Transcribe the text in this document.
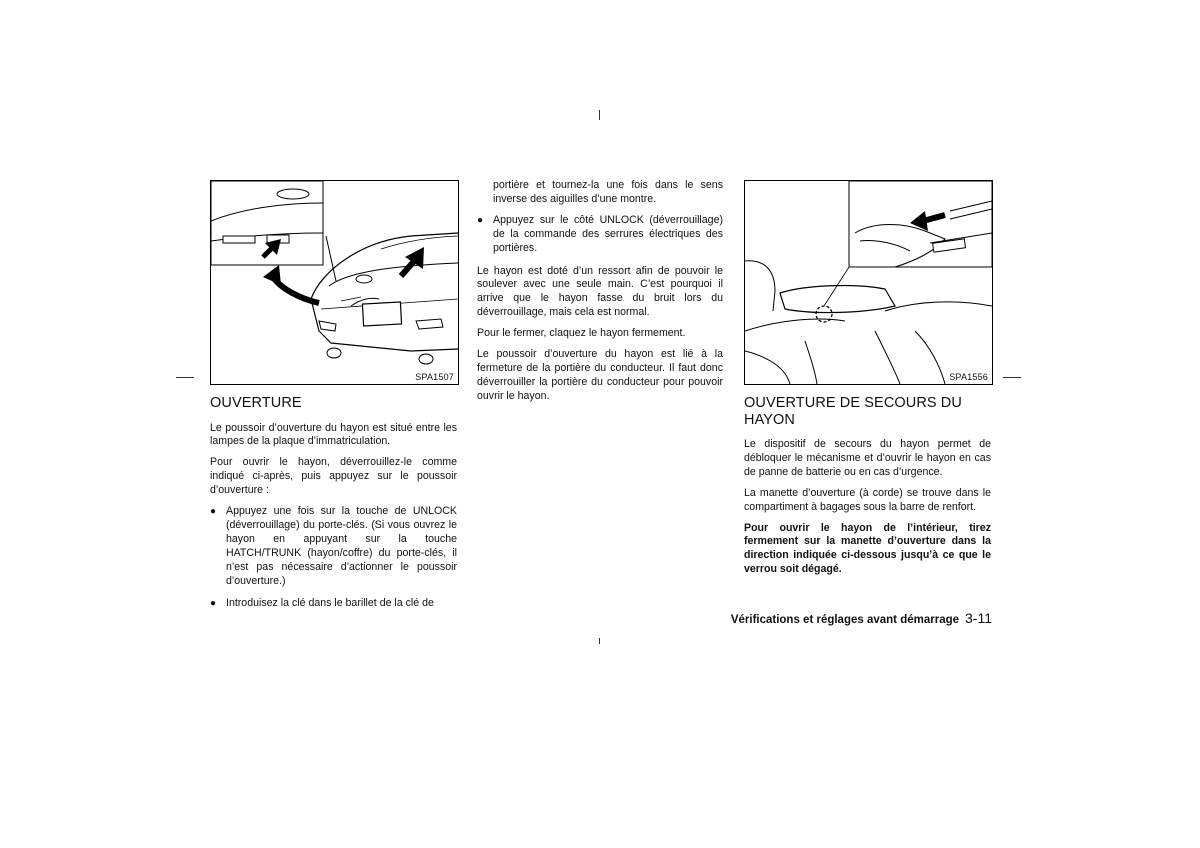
SPA1507
OUVERTURE

Le poussoir d’ouverture du hayon est situé entre les lampes de la plaque d’immatriculation.

Pour ouvrir le hayon, déverrouillez-le comme indiqué ci-après, puis appuyez sur le poussoir d’ouverture :

● Appuyez une fois sur la touche de UNLOCK (déverrouillage) du porte-clés. (Si vous ouvrez le hayon en appuyant sur la touche HATCH/TRUNK (hayon/coffre) du porte-clés, il n’est pas nécessaire d’actionner le poussoir d’ouverture.)
● Introduisez la clé dans le barillet de la clé de

portière et tournez-la une fois dans le sens inverse des aiguilles d’une montre.

● Appuyez sur le côté UNLOCK (déverrouillage) de la commande des serrures électriques des portières.

Le hayon est doté d’un ressort afin de pouvoir le soulever avec une seule main. C’est pourquoi il arrive que le hayon fasse du bruit lors du déverrouillage, mais cela est normal.

Pour le fermer, claquez le hayon fermement.

Le poussoir d’ouverture du hayon est lié à la fermeture de la portière du conducteur. Il faut donc déverrouiller la portière du conducteur pour pouvoir ouvrir le hayon.

SPA1556
OUVERTURE DE SECOURS DU HAYON

Le dispositif de secours du hayon permet de débloquer le mécanisme et d’ouvrir le hayon en cas de panne de batterie ou en cas d’urgence.

La manette d’ouverture (à corde) se trouve dans le compartiment à bagages sous la barre de renfort.

Pour ouvrir le hayon de l’intérieur, tirez fermement sur la manette d’ouverture dans la direction indiquée ci-dessous jusqu’à ce que le verrou soit dégagé.

Vérifications et réglages avant démarrage 3-11
